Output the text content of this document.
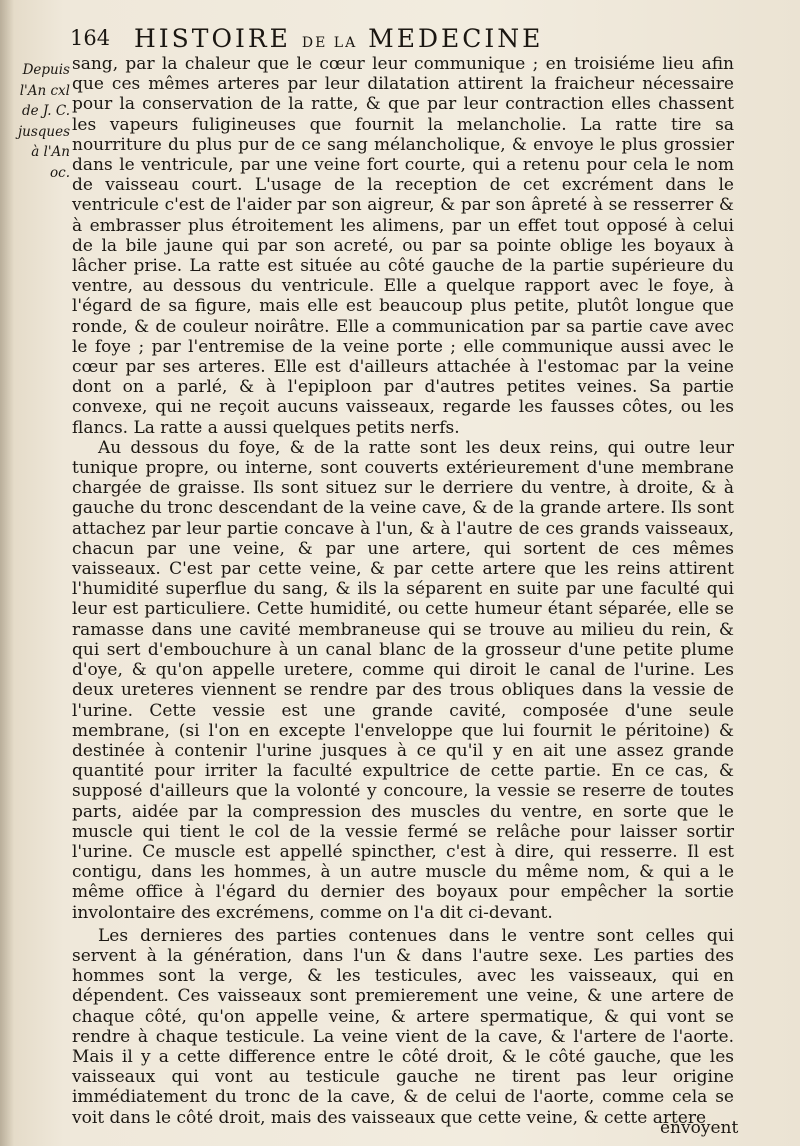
164 HISTOIRE DE LA MEDECINE
Depuis
l'An cxl
de J. C.
jusques
à l'An
oc.

sang, par la chaleur que le cœur leur communique ; en troisiéme lieu afin que ces mêmes arteres par leur dilatation attirent la fraicheur nécessaire pour la conservation de la ratte, & que par leur contraction elles chassent les vapeurs fuligineuses que fournit la melancholie. La ratte tire sa nourriture du plus pur de ce sang mélancholique, & envoye le plus grossier dans le ventricule, par une veine fort courte, qui a retenu pour cela le nom de vaisseau court. L'usage de la reception de cet excrément dans le ventricule c'est de l'aider par son aigreur, & par son âpreté à se resserrer & à embrasser plus étroitement les alimens, par un effet tout opposé à celui de la bile jaune qui par son acreté, ou par sa pointe oblige les boyaux à lâcher prise. La ratte est située au côté gauche de la partie supérieure du ventre, au dessous du ventricule. Elle a quelque rapport avec le foye, à l'égard de sa figure, mais elle est beaucoup plus petite, plutôt longue que ronde, & de couleur noirâtre. Elle a communication par sa partie cave avec le foye ; par l'entremise de la veine porte ; elle communique aussi avec le cœur par ses arteres. Elle est d'ailleurs attachée à l'estomac par la veine dont on a parlé, & à l'epiploon par d'autres petites veines. Sa partie convexe, qui ne reçoit aucuns vaisseaux, regarde les fausses côtes, ou les flancs. La ratte a aussi quelques petits nerfs.

Au dessous du foye, & de la ratte sont les deux reins, qui outre leur tunique propre, ou interne, sont couverts extérieurement d'une membrane chargée de graisse. Ils sont situez sur le derriere du ventre, à droite, & à gauche du tronc descendant de la veine cave, & de la grande artere. Ils sont attachez par leur partie concave à l'un, & à l'autre de ces grands vaisseaux, chacun par une veine, & par une artere, qui sortent de ces mêmes vaisseaux. C'est par cette veine, & par cette artere que les reins attirent l'humidité superflue du sang, & ils la séparent en suite par une faculté qui leur est particuliere. Cette humidité, ou cette humeur étant séparée, elle se ramasse dans une cavité membraneuse qui se trouve au milieu du rein, & qui sert d'embouchure à un canal blanc de la grosseur d'une petite plume d'oye, & qu'on appelle uretere, comme qui diroit le canal de l'urine. Les deux ureteres viennent se rendre par des trous obliques dans la vessie de l'urine. Cette vessie est une grande cavité, composée d'une seule membrane, (si l'on en excepte l'enveloppe que lui fournit le péritoine) & destinée à contenir l'urine jusques à ce qu'il y en ait une assez grande quantité pour irriter la faculté expultrice de cette partie. En ce cas, & supposé d'ailleurs que la volonté y concoure, la vessie se reserre de toutes parts, aidée par la compression des muscles du ventre, en sorte que le muscle qui tient le col de la vessie fermé se relâche pour laisser sortir l'urine. Ce muscle est appellé spincther, c'est à dire, qui resserre. Il est contigu, dans les hommes, à un autre muscle du même nom, & qui a le même office à l'égard du dernier des boyaux pour empêcher la sortie involontaire des excrémens, comme on l'a dit ci-devant.

Les dernieres des parties contenues dans le ventre sont celles qui servent à la génération, dans l'un & dans l'autre sexe. Les parties des hommes sont la verge, & les testicules, avec les vaisseaux, qui en dépendent. Ces vaisseaux sont premierement une veine, & une artere de chaque côté, qu'on appelle veine, & artere spermatique, & qui vont se rendre à chaque testicule. La veine vient de la cave, & l'artere de l'aorte. Mais il y a cette difference entre le côté droit, & le côté gauche, que les vaisseaux qui vont au testicule gauche ne tirent pas leur origine immédiatement du tronc de la cave, & de celui de l'aorte, comme cela se voit dans le côté droit, mais des vaisseaux que cette veine, & cette artere

envoyent
